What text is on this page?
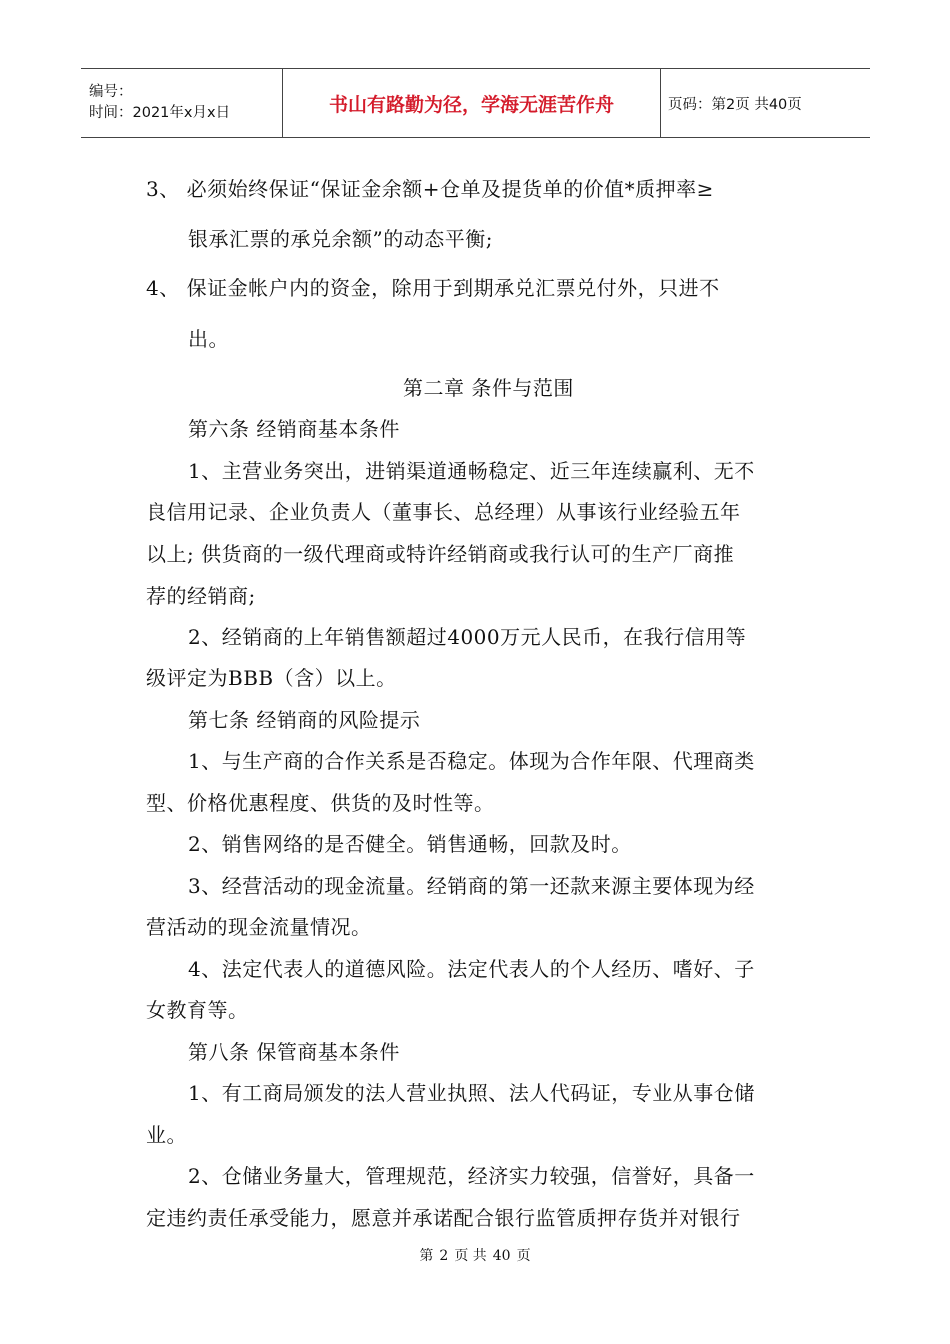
编号：
时间：2021年x月x日	书山有路勤为径，学海无涯苦作舟	页码：第2页 共40页
3、 必须始终保证“保证金余额+仓单及提货单的价值*质押率≥
银承汇票的承兑余额”的动态平衡;
4、 保证金帐户内的资金，除用于到期承兑汇票兑付外，只进不
出。
第二章 条件与范围
第六条 经销商基本条件
1、主营业务突出，进销渠道通畅稳定、近三年连续赢利、无不
良信用记录、企业负责人（董事长、总经理）从事该行业经验五年
以上; 供货商的一级代理商或特许经销商或我行认可的生产厂商推
荐的经销商;
2、经销商的上年销售额超过4000万元人民币，在我行信用等
级评定为BBB（含）以上。
第七条 经销商的风险提示
1、与生产商的合作关系是否稳定。体现为合作年限、代理商类
型、价格优惠程度、供货的及时性等。
2、销售网络的是否健全。销售通畅，回款及时。
3、经营活动的现金流量。经销商的第一还款来源主要体现为经
营活动的现金流量情况。
4、法定代表人的道德风险。法定代表人的个人经历、嗜好、子
女教育等。
第八条 保管商基本条件
1、有工商局颁发的法人营业执照、法人代码证，专业从事仓储
业。
2、仓储业务量大，管理规范，经济实力较强，信誉好，具备一
定违约责任承受能力，愿意并承诺配合银行监管质押存货并对银行
第 2 页 共 40 页
